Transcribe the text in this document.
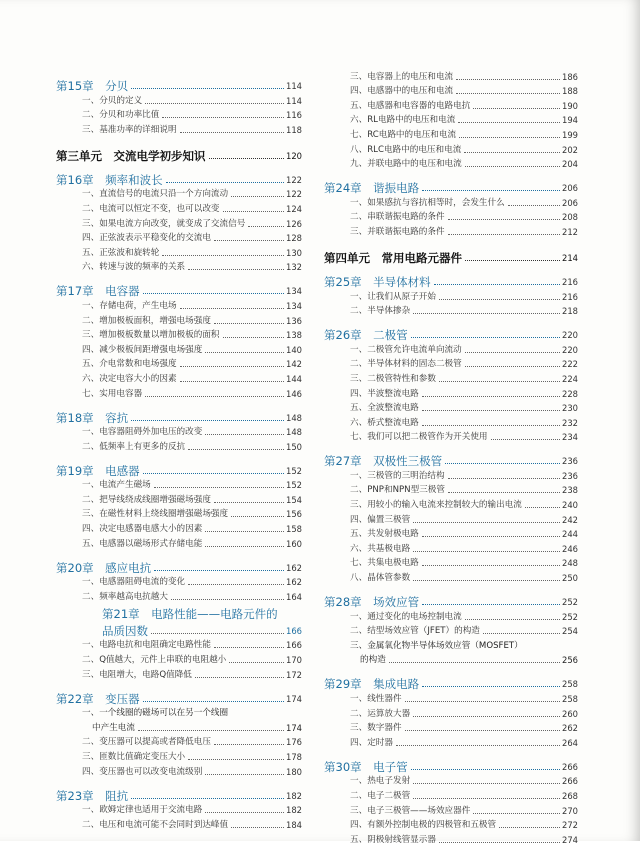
第15章　分贝	114
一、分贝的定义	114
二、分贝和功率比值	116
三、基准功率的详细说明	118
第三单元　交流电学初步知识	120
第16章　频率和波长	122
一、直流信号的电流只沿一个方向流动	122
二、电流可以恒定不变，也可以改变	124
三、如果电流方向改变，就变成了交流信号	126
四、正弦波表示平稳变化的交流电	128
五、正弦波和旋转轮	130
六、转速与波的频率的关系	132
第17章　电容器	134
一、存储电荷，产生电场	134
二、增加极板面积，增强电场强度	136
三、增加极板数量以增加极板的面积	138
四、减少极板间距增强电场强度	140
五、介电常数和电场强度	142
六、决定电容大小的因素	144
七、实用电容器	146
第18章　容抗	148
一、电容器阻碍外加电压的改变	148
二、低频率上有更多的反抗	150
第19章　电感器	152
一、电流产生磁场	152
二、把导线绕成线圈增强磁场强度	154
三、在磁性材料上绕线圈增强磁场强度	156
四、决定电感器电感大小的因素	158
五、电感器以磁场形式存储电能	160
第20章　感应电抗	162
一、电感器阻碍电流的变化	162
二、频率越高电抗越大	164
第21章　电路性能——电路元件的
品质因数	166
一、电路电抗和电阻确定电路性能	166
二、Q值越大，元件上串联的电阻越小	170
三、电阻增大，电路Q值降低	172
第22章　变压器	174
一、一个线圈的磁场可以在另一个线圈
中产生电流	174
二、变压器可以提高或者降低电压	176
三、匝数比值确定变压大小	178
四、变压器也可以改变电流级别	180
第23章　阻抗	182
一、欧姆定律也适用于交流电路	182
二、电压和电流可能不会同时到达峰值	184
三、电容器上的电压和电流	186
四、电感器中的电压和电流	188
五、电感器和电容器的电路电抗	190
六、RL电路中的电压和电流	194
七、RC电路中的电压和电流	199
八、RLC电路中的电压和电流	202
九、并联电路中的电压和电流	204
第24章　谐振电路	206
一、如果感抗与容抗相等时，会发生什么	206
二、串联谐振电路的条件	208
三、并联谐振电路的条件	212
第四单元　常用电路元器件	214
第25章　半导体材料	216
一、让我们从原子开始	216
二、半导体掺杂	218
第26章　二极管	220
一、二极管允许电流单向流动	220
二、半导体材料的固态二极管	222
三、二极管特性和参数	224
四、半波整流电路	228
五、全波整流电路	230
六、桥式整流电路	232
七、我们可以把二极管作为开关使用	234
第27章　双极性三极管	236
一、三极管的三明治结构	236
二、PNP和NPN型三极管	238
三、用较小的输入电流来控制较大的输出电流	240
四、偏置三极管	242
五、共发射极电路	244
六、共基极电路	246
七、共集电极电路	248
八、晶体管参数	250
第28章　场效应管	252
一、通过变化的电场控制电流	252
二、结型场效应管（JFET）的构造	254
三、金属氧化物半导体场效应管（MOSFET）
的构造	256
第29章　集成电路	258
一、线性器件	258
二、运算放大器	260
三、数字器件	262
四、定时器	264
第30章　电子管	266
一、热电子发射	266
二、电子二极管	268
三、电子三极管——场效应器件	270
四、有额外控制电极的四极管和五极管	272
五、阴极射线管显示器	274
